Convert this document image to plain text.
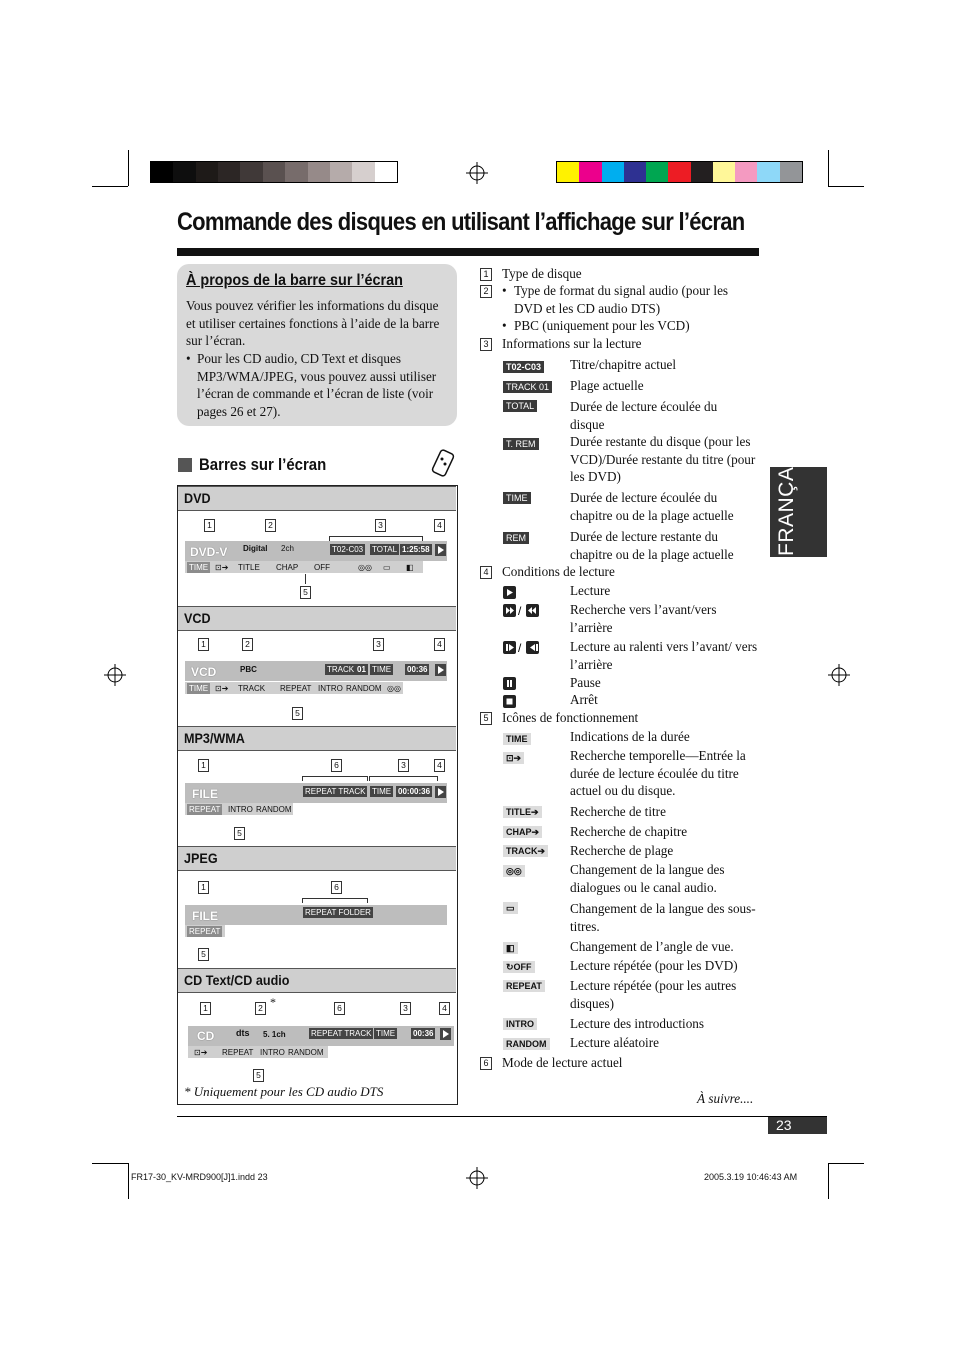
Commande des disques en utilisant l’affichage sur l’écran
À propos de la barre sur l’écran

Vous pouvez vérifier les informations du disque et utiliser certaines fonctions à l’aide de la barre sur l’écran.

• Pour les CD audio, CD Text et disques MP3/WMA/JPEG, vous pouvez aussi utiliser l’écran de commande et l’écran de liste (voir pages 26 et 27).
Barres sur l’écran
DVD
1	2	3	4
DVD-V Digital 2ch	T02-C03 TOTAL 1:25:58
TIME ⊡➔ TITLE CHAP OFF	◎◎ ▭ ◧
5
VCD
1	2	3	4
VCD	PBC	TRACK 01 TIME 00:36
TIME ⊡➔ TRACK REPEAT INTRO RANDOM ◎◎
5
MP3/WMA
1	6	3	4
FILE	REPEAT TRACK TIME 00:00:36
REPEAT INTRO RANDOM
5
JPEG
1	6
FILE	REPEAT FOLDER
REPEAT
5
CD Text/CD audio
1	2 *	6	3	4
CD dts 5. 1ch	REPEAT TRACK TIME 00:36
⊡➔ REPEAT INTRO RANDOM
5
* Uniquement pour les CD audio DTS
1 Type de disque
2 • Type de format du signal audio (pour les DVD et les CD audio DTS)
• PBC (uniquement pour les VCD)
3 Informations sur la lecture
T02-C03 Titre/chapitre actuel
TRACK 01 Plage actuelle
TOTAL	Durée de lecture écoulée du disque
T. REM	Durée restante du disque (pour les VCD)/Durée restante du titre (pour les DVD)
TIME	Durée de lecture écoulée du chapitre ou de la plage actuelle
REM	Durée de lecture restante du chapitre ou de la plage actuelle
4 Conditions de lecture
Lecture
/	Recherche vers l’avant/vers l’arrière
/	Lecture au ralenti vers l’avant/ vers l’arrière
Pause
Arrêt
5 Icônes de fonctionnement
TIME	Indications de la durée
⊡➔	Recherche temporelle—Entrée la durée de lecture écoulée du titre actuel ou du disque.
TITLE➔ Recherche de titre
CHAP➔ Recherche de chapitre
TRACK➔ Recherche de plage
◎◎	Changement de la langue des dialogues ou le canal audio.
▭	Changement de la langue des sous-titres.
◧	Changement de l’angle de vue.
↻OFF	Lecture répétée (pour les DVD)
REPEAT Lecture répétée (pour les autres disques)
INTRO	Lecture des introductions
RANDOM Lecture aléatoire
6 Mode de lecture actuel
À suivre....
FRANÇAIS
23
FR17-30_KV-MRD900[J]1.indd 23	2005.3.19 10:46:43 AM
